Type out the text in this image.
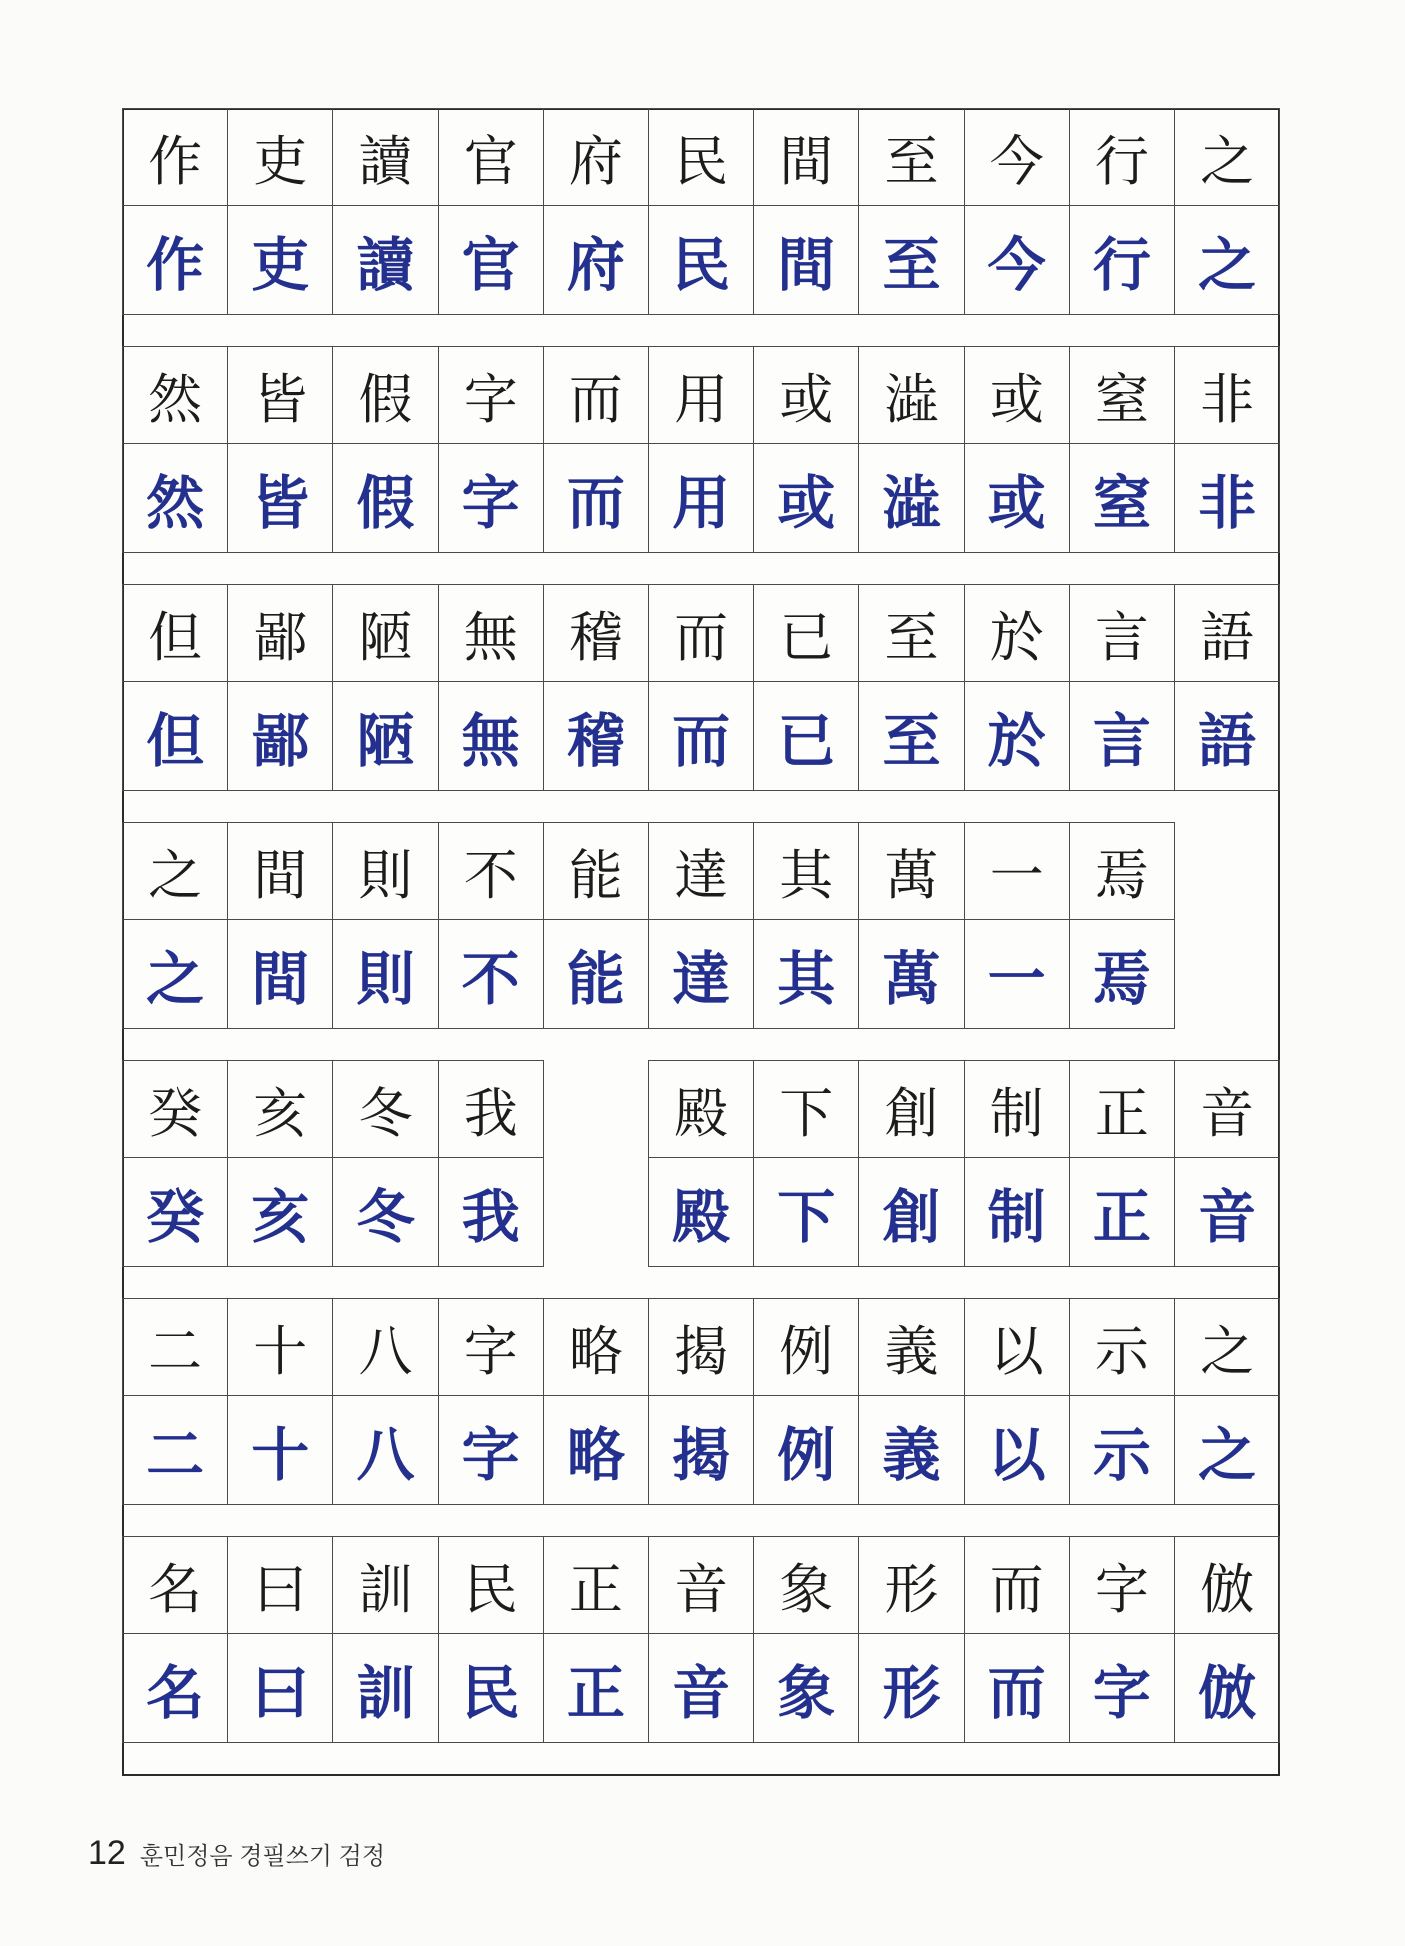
作
作
吏
吏
讀
讀
官
官
府
府
民
民
間
間
至
至
今
今
行
行
之
之
然
然
皆
皆
假
假
字
字
而
而
用
用
或
或
澁
澁
或
或
窒
窒
非
非
但
但
鄙
鄙
陋
陋
無
無
稽
稽
而
而
已
已
至
至
於
於
言
言
語
語
之
之
間
間
則
則
不
不
能
能
達
達
其
其
萬
萬
一
一
焉
焉
癸
癸
亥
亥
冬
冬
我
我
殿
殿
下
下
創
創
制
制
正
正
音
音
二
二
十
十
八
八
字
字
略
略
揭
揭
例
例
義
義
以
以
示
示
之
之
名
名
曰
曰
訓
訓
民
民
正
正
音
音
象
象
形
形
而
而
字
字
倣
倣
12 훈민정음 경필쓰기 검정
